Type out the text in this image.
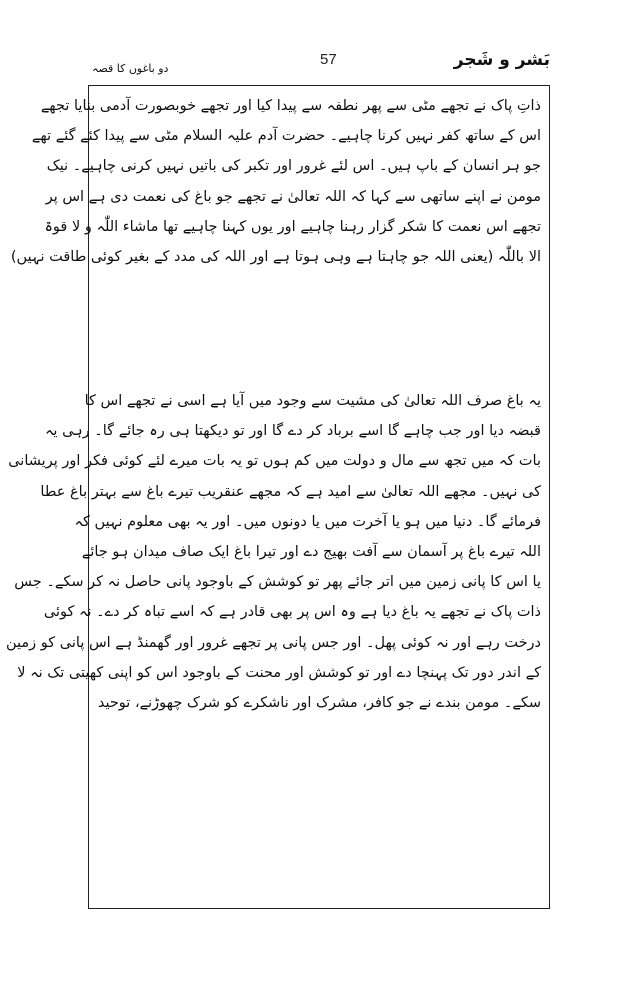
بَشر و شَجر
57
دو باغوں کا قصہ
ذاتِ پاک نے تجھے مٹی سے پھر نطفہ سے پیدا کیا اور تجھے خوبصورت آدمی بنایا تجھے
اس کے ساتھ کفر نہیں کرنا چاہیے۔ حضرت آدم علیہ السلام مٹی سے پیدا کئے گئے تھے
جو ہر انسان کے باپ ہیں۔ اس لئے غرور اور تکبر کی باتیں نہیں کرنی چاہیے۔ نیک
مومن نے اپنے ساتھی سے کہا کہ اللہ تعالیٰ نے تجھے جو باغ کی نعمت دی ہے اس پر
تجھے اس نعمت کا شکر گزار رہنا چاہیے اور یوں کہنا چاہیے تھا ماشاء اللّٰہ و لا قوۃ
الا باللّٰہ (یعنی اللہ جو چاہتا ہے وہی ہوتا ہے اور اللہ کی مدد کے بغیر کوئی طاقت نہیں)
یہ باغ صرف اللہ تعالیٰ کی مشیت سے وجود میں آیا ہے اسی نے تجھے اس کا
قبضہ دیا اور جب چاہے گا اسے برباد کر دے گا اور تو دیکھتا ہی رہ جائے گا۔ رہی یہ
بات کہ میں تجھ سے مال و دولت میں کم ہوں تو یہ بات میرے لئے کوئی فکر اور پریشانی
کی نہیں۔ مجھے اللہ تعالیٰ سے امید ہے کہ مجھے عنقریب تیرے باغ سے بہتر باغ عطا
فرمائے گا۔ دنیا میں ہو یا آخرت میں یا دونوں میں۔ اور یہ بھی معلوم نہیں کہ
اللہ تیرے باغ پر آسمان سے آفت بھیج دے اور تیرا باغ ایک صاف میدان ہو جائے
یا اس کا پانی زمین میں اتر جائے پھر تو کوشش کے باوجود پانی حاصل نہ کر سکے۔ جس
ذات پاک نے تجھے یہ باغ دیا ہے وہ اس پر بھی قادر ہے کہ اسے تباہ کر دے۔ نہ کوئی
درخت رہے اور نہ کوئی پھل۔ اور جس پانی پر تجھے غرور اور گھمنڈ ہے اس پانی کو زمین
کے اندر دور تک پہنچا دے اور تو کوشش اور محنت کے باوجود اس کو اپنی کھیتی تک نہ لا
سکے۔ مومن بندے نے جو کافر، مشرک اور ناشکرے کو شرک چھوڑنے، توحید
